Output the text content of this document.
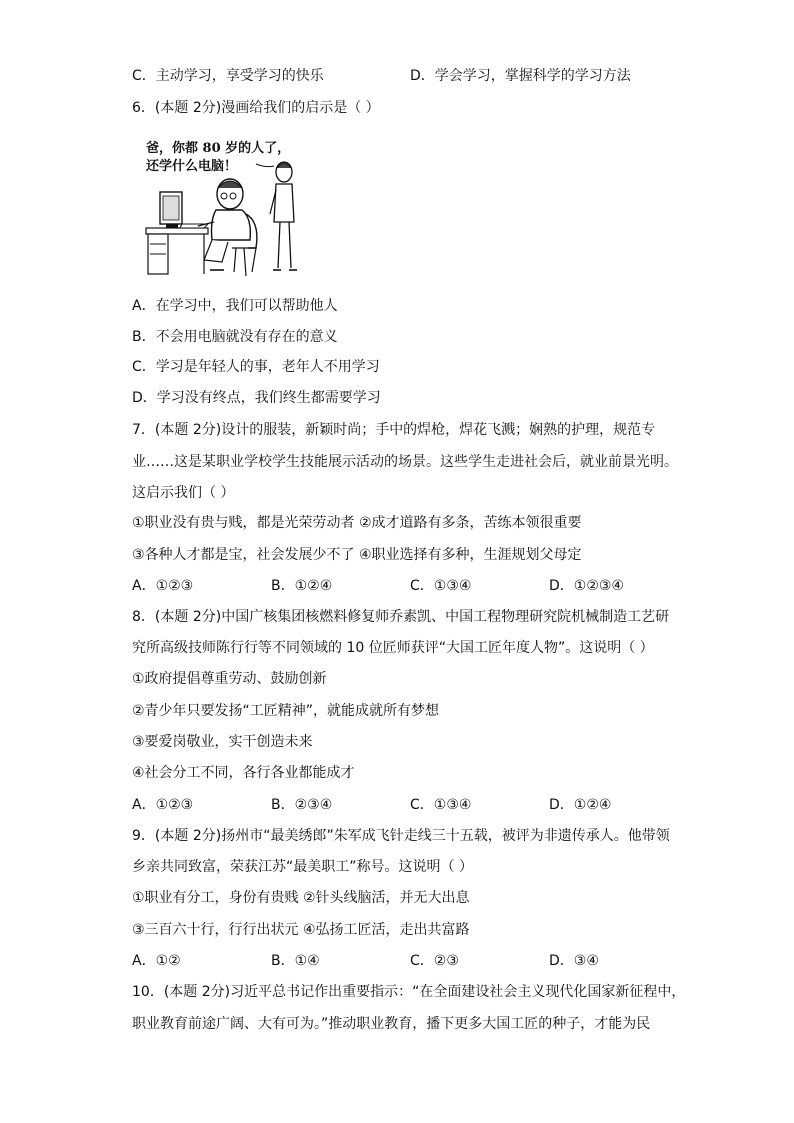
C．主动学习，享受学习的快乐	D．学会学习，掌握科学的学习方法
6．(本题 2分)漫画给我们的启示是（ ）
爸，你都 80 岁的人了，
还学什么电脑！
A．在学习中，我们可以帮助他人
B．不会用电脑就没有存在的意义
C．学习是年轻人的事，老年人不用学习
D．学习没有终点，我们终生都需要学习
7．(本题 2分)设计的服装，新颖时尚；手中的焊枪，焊花飞溅；娴熟的护理，规范专
业……这是某职业学校学生技能展示活动的场景。这些学生走进社会后，就业前景光明。
这启示我们（ ）
①职业没有贵与贱，都是光荣劳动者 ②成才道路有多条，苦练本领很重要
③各种人才都是宝，社会发展少不了 ④职业选择有多种，生涯规划父母定
A．①②③	B．①②④	C．①③④	D．①②③④
8．(本题 2分)中国广核集团核燃料修复师乔素凯、中国工程物理研究院机械制造工艺研
究所高级技师陈行行等不同领域的 10 位匠师获评“大国工匠年度人物”。这说明（ ）
①政府提倡尊重劳动、鼓励创新
②青少年只要发扬“工匠精神”，就能成就所有梦想
③要爱岗敬业，实干创造未来
④社会分工不同，各行各业都能成才
A．①②③	B．②③④	C．①③④	D．①②④
9．(本题 2分)扬州市“最美绣郎”朱军成飞针走线三十五载，被评为非遗传承人。他带领
乡亲共同致富，荣获江苏“最美职工”称号。这说明（ ）
①职业有分工，身份有贵贱 ②针头线脑活，并无大出息
③三百六十行，行行出状元 ④弘扬工匠活，走出共富路
A．①②	B．①④	C．②③	D．③④
10．(本题 2分)习近平总书记作出重要指示：“在全面建设社会主义现代化国家新征程中，
职业教育前途广阔、大有可为。”推动职业教育，播下更多大国工匠的种子，才能为民
